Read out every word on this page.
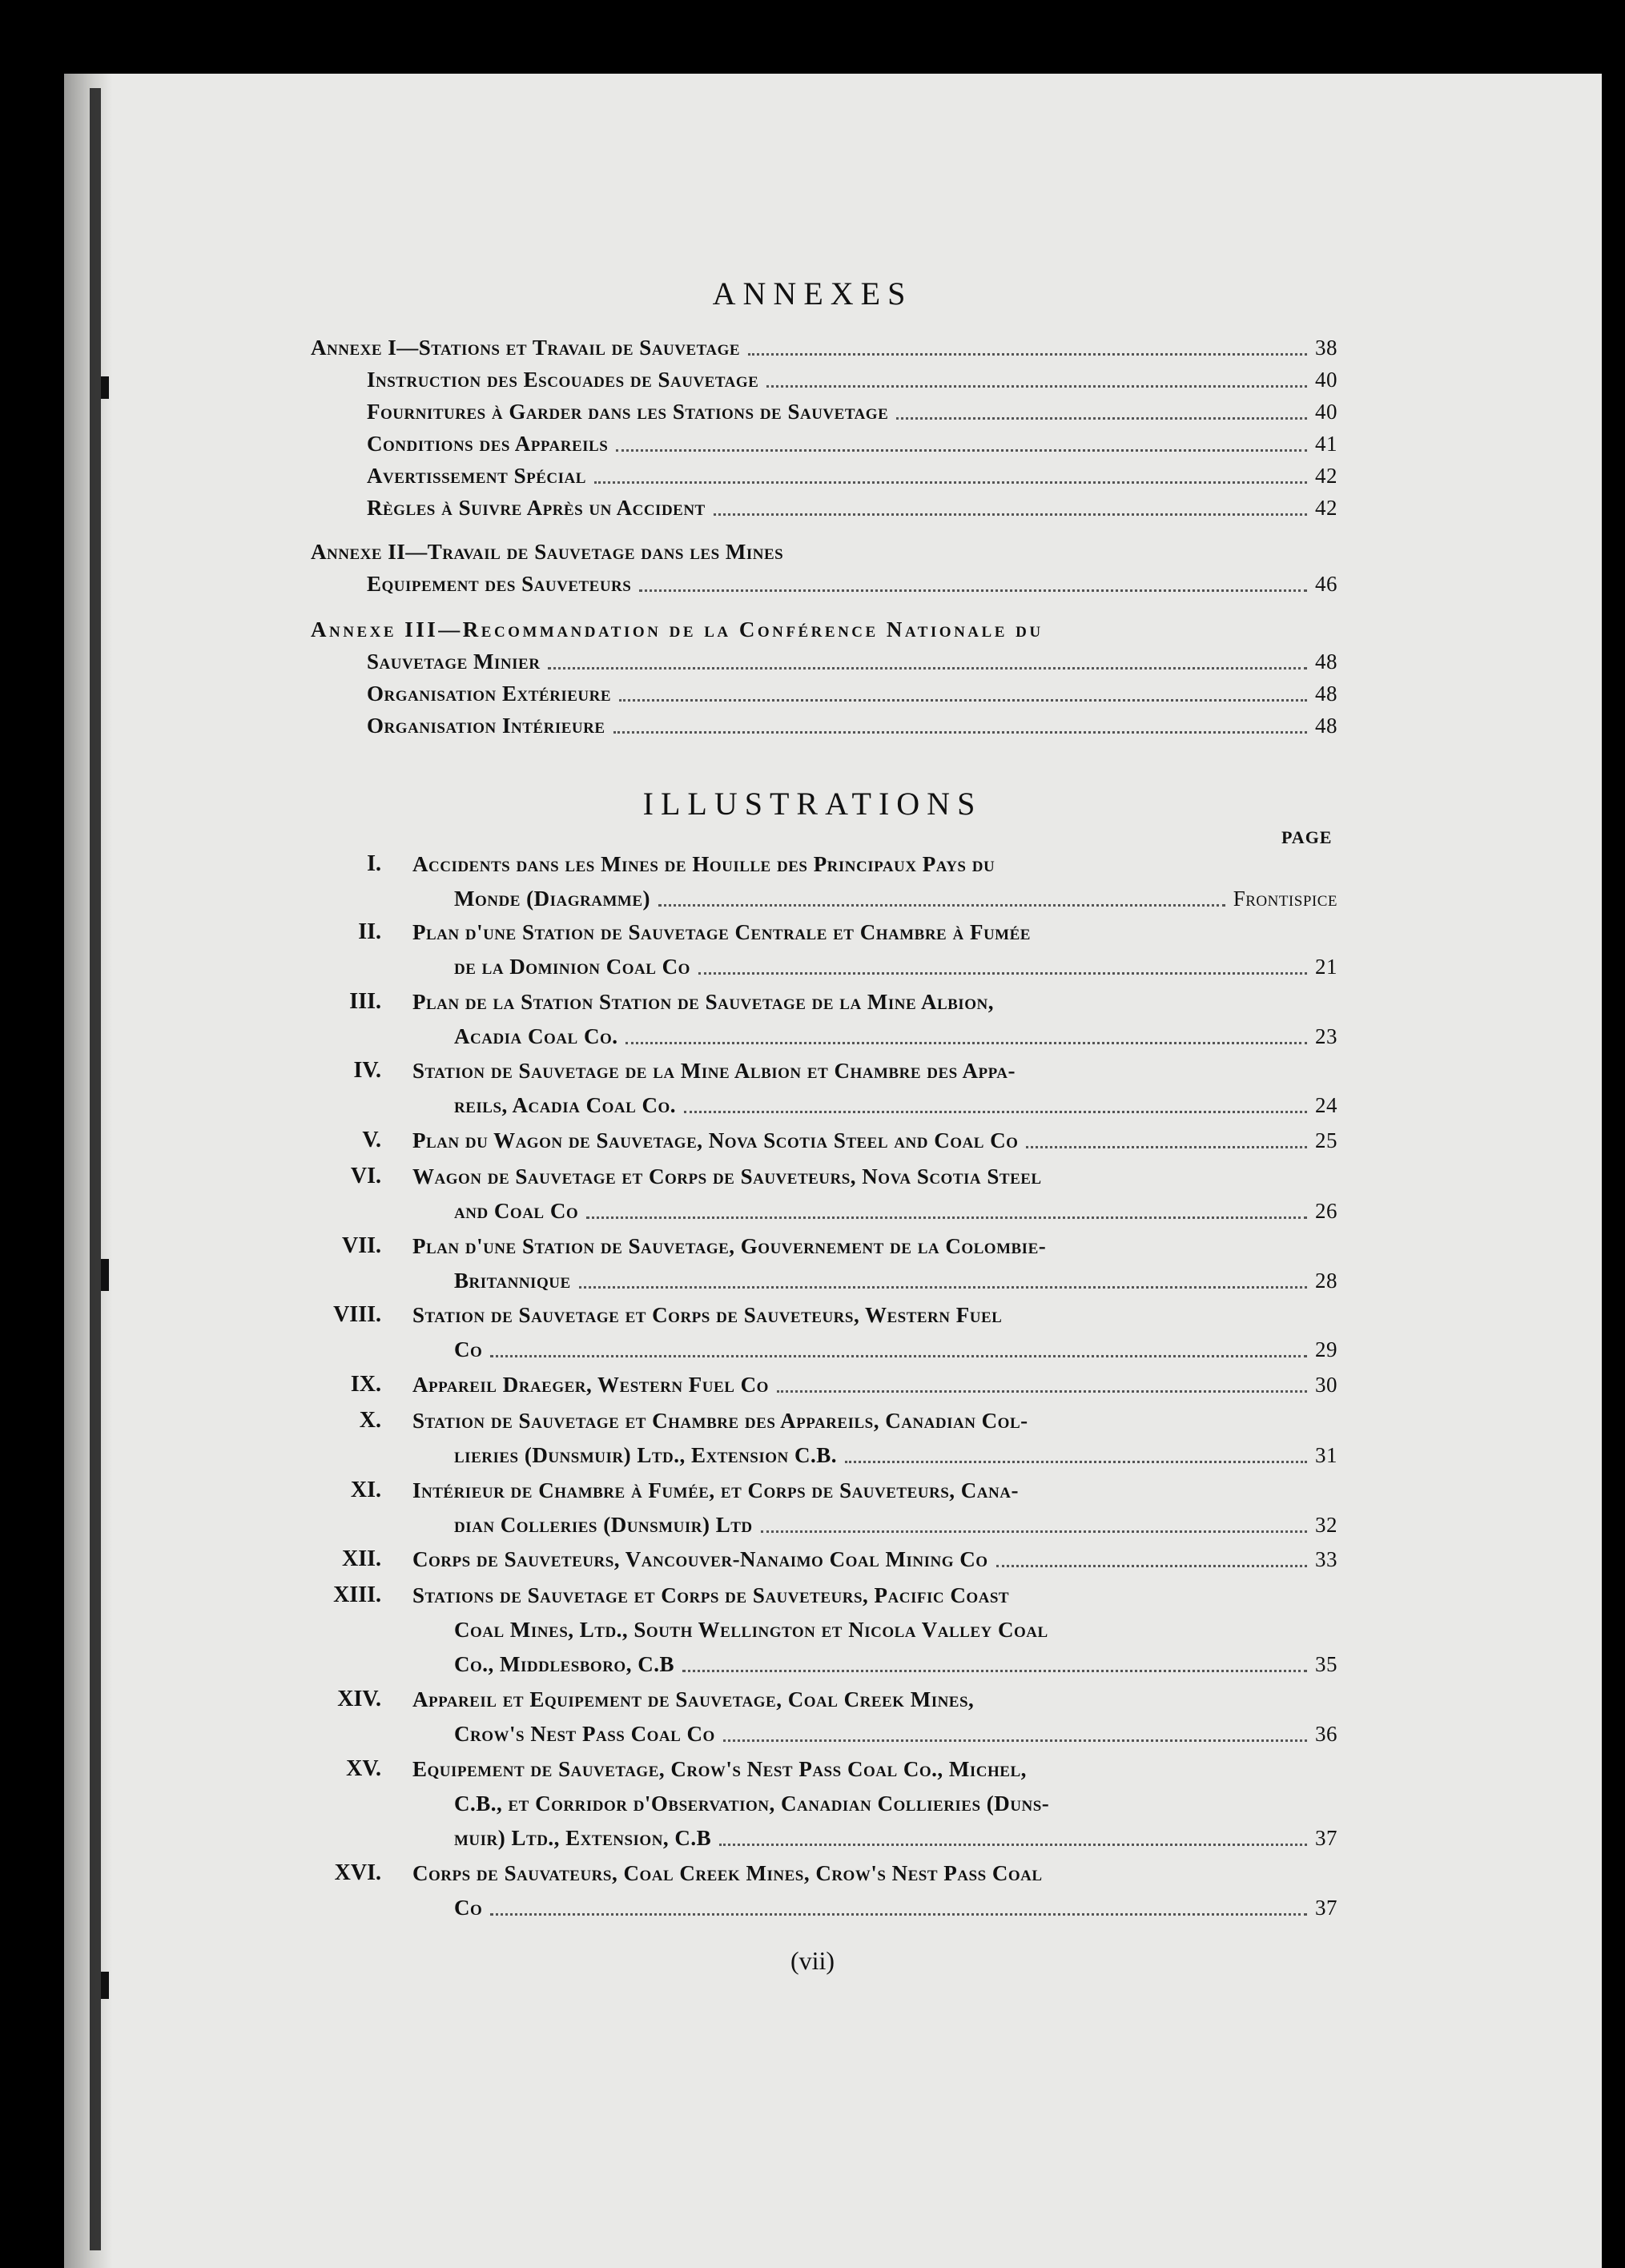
ANNEXES
Annexe I—Stations et Travail de Sauvetage	38
Instruction des Escouades de Sauvetage	40
Fournitures à Garder dans les Stations de Sauvetage	40
Conditions des Appareils	41
Avertissement Spécial	42
Règles à Suivre Après un Accident	42
Annexe II—Travail de Sauvetage dans les Mines
Equipement des Sauveteurs	46
Annexe III—Recommandation de la Conférence Nationale du
Sauvetage Minier	48
Organisation Extérieure	48
Organisation Intérieure	48
ILLUSTRATIONS
PAGE
I. Accidents dans les Mines de Houille des Principaux Pays du
Monde (Diagramme)	Frontispice
II. Plan d'une Station de Sauvetage Centrale et Chambre à Fumée
de la Dominion Coal Co	21
III. Plan de la Station Station de Sauvetage de la Mine Albion,
Acadia Coal Co.	23
IV. Station de Sauvetage de la Mine Albion et Chambre des Appa-
reils, Acadia Coal Co.	24
V. Plan du Wagon de Sauvetage, Nova Scotia Steel and Coal Co	25
VI. Wagon de Sauvetage et Corps de Sauveteurs, Nova Scotia Steel
and Coal Co	26
VII. Plan d'une Station de Sauvetage, Gouvernement de la Colombie-
Britannique	28
VIII. Station de Sauvetage et Corps de Sauveteurs, Western Fuel
Co	29
IX. Appareil Draeger, Western Fuel Co	30
X. Station de Sauvetage et Chambre des Appareils, Canadian Col-
lieries (Dunsmuir) Ltd., Extension C.B.	31
XI. Intérieur de Chambre à Fumée, et Corps de Sauveteurs, Cana-
dian Colleries (Dunsmuir) Ltd	32
XII. Corps de Sauveteurs, Vancouver-Nanaimo Coal Mining Co	33
XIII. Stations de Sauvetage et Corps de Sauveteurs, Pacific Coast
Coal Mines, Ltd., South Wellington et Nicola Valley Coal
Co., Middlesboro, C.B	35
XIV. Appareil et Equipement de Sauvetage, Coal Creek Mines,
Crow's Nest Pass Coal Co	36
XV. Equipement de Sauvetage, Crow's Nest Pass Coal Co., Michel,
C.B., et Corridor d'Observation, Canadian Collieries (Duns-
muir) Ltd., Extension, C.B	37
XVI. Corps de Sauvateurs, Coal Creek Mines, Crow's Nest Pass Coal
Co	37
(vii)
